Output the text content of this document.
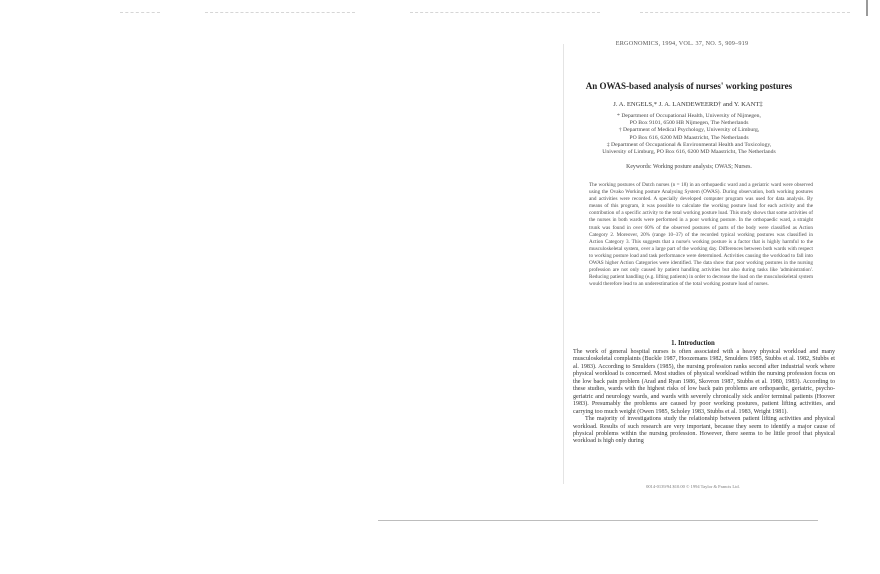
ERGONOMICS, 1994, VOL. 37, NO. 5, 909–919
An OWAS-based analysis of nurses' working postures
J. A. ENGELS,* J. A. LANDEWEERD† and Y. KANT‡
* Department of Occupational Health, University of Nijmegen,
PO Box 9101, 6500 HB Nijmegen, The Netherlands
† Department of Medical Psychology, University of Limburg,
PO Box 616, 6200 MD Maastricht, The Netherlands
‡ Department of Occupational & Environmental Health and Toxicology,
University of Limburg, PO Box 616, 6200 MD Maastricht, The Netherlands
Keywords: Working posture analysis; OWAS; Nurses.
The working postures of Dutch nurses (n = 18) in an orthopaedic ward and a geriatric ward were observed using the Ovako Working posture Analysing System (OWAS). During observation, both working postures and activities were recorded. A specially developed computer program was used for data analysis. By means of this program, it was possible to calculate the working posture load for each activity and the contribution of a specific activity to the total working posture load. This study shows that some activities of the nurses in both wards were performed in a poor working posture. In the orthopaedic ward, a straight trunk was found in over 60% of the observed postures of parts of the body were classified as Action Category 2. Moreover, 20% (range 10–37) of the recorded typical working postures was classified in Action Category 3. This suggests that a nurse's working posture is a factor that is highly harmful to the musculoskeletal system, over a large part of the working day. Differences between both wards with respect to working posture load and task performance were determined. Activities causing the workload to fall into OWAS higher Action Categories were identified. The data show that poor working postures in the nursing profession are not only caused by patient handling activities but also during tasks like 'administration'. Reducing patient handling (e.g. lifting patients) in order to decrease the load on the musculoskeletal system would therefore lead to an underestimation of the total working posture load of nurses.
1. Introduction

The work of general hospital nurses is often associated with a heavy physical workload and many musculoskeletal complaints (Buckle 1987, Hoozemans 1982, Smulders 1985, Stubbs et al. 1982, Stubbs et al. 1983). According to Smulders (1985), the nursing profession ranks second after industrial work where physical workload is concerned. Most studies of physical workload within the nursing profession focus on the low back pain problem (Arad and Ryan 1986, Skovron 1987, Stubbs et al. 1980, 1983). According to these studies, wards with the highest risks of low back pain problems are orthopaedic, geriatric, psycho-geriatric and neurology wards, and wards with severely chronically sick and/or terminal patients (Hoover 1983). Presumably the problems are caused by poor working postures, patient lifting activities, and carrying too much weight (Owen 1985, Scholey 1983, Stubbs et al. 1983, Wright 1981).

The majority of investigations study the relationship between patient lifting activities and physical workload. Results of such research are very important, because they seem to identify a major cause of physical problems within the nursing profession. However, there seems to be little proof that physical workload is high only during

0014-0139/94 $10.00 © 1994 Taylor & Francis Ltd.
